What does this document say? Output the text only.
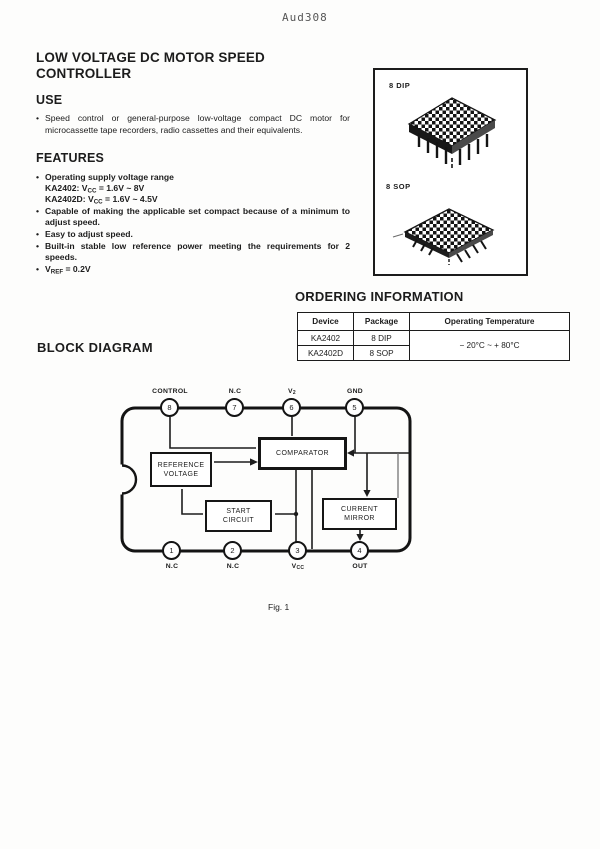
Aud308
LOW VOLTAGE DC MOTOR SPEED CONTROLLER
USE
• Speed control or general-purpose low-voltage compact DC motor for microcassette tape recorders, radio cassettes and their equivalents.
FEATURES
• Operating supply voltage range
KA2402: $V_{CC} = 1.6V$ ~ 8V
KA2402D: $V_{CC} = 1.6V$ ~ 4.5V
• Capable of making the applicable set compact because of a minimum to adjust speed.
• Easy to adjust speed.
• Built-in stable low reference power meeting the requirements for 2 speeds.
• $V_{REF} = 0.2V$
8 DIP
8 SOP
ORDERING INFORMATION
Device	Package	Operating Temperature
KA2402	8 DIP	− 20°C ~ + 80°C
KA2402D	8 SOP	
BLOCK DIAGRAM
REFERENCE
VOLTAGE
COMPARATOR
START
CIRCUIT
CURRENT
MIRROR
CONTROL	N.C	$V_2$	GND
8	7	6	5
1	2	3	4
N.C	N.C	$V_{CC}$	OUT
Fig. 1
